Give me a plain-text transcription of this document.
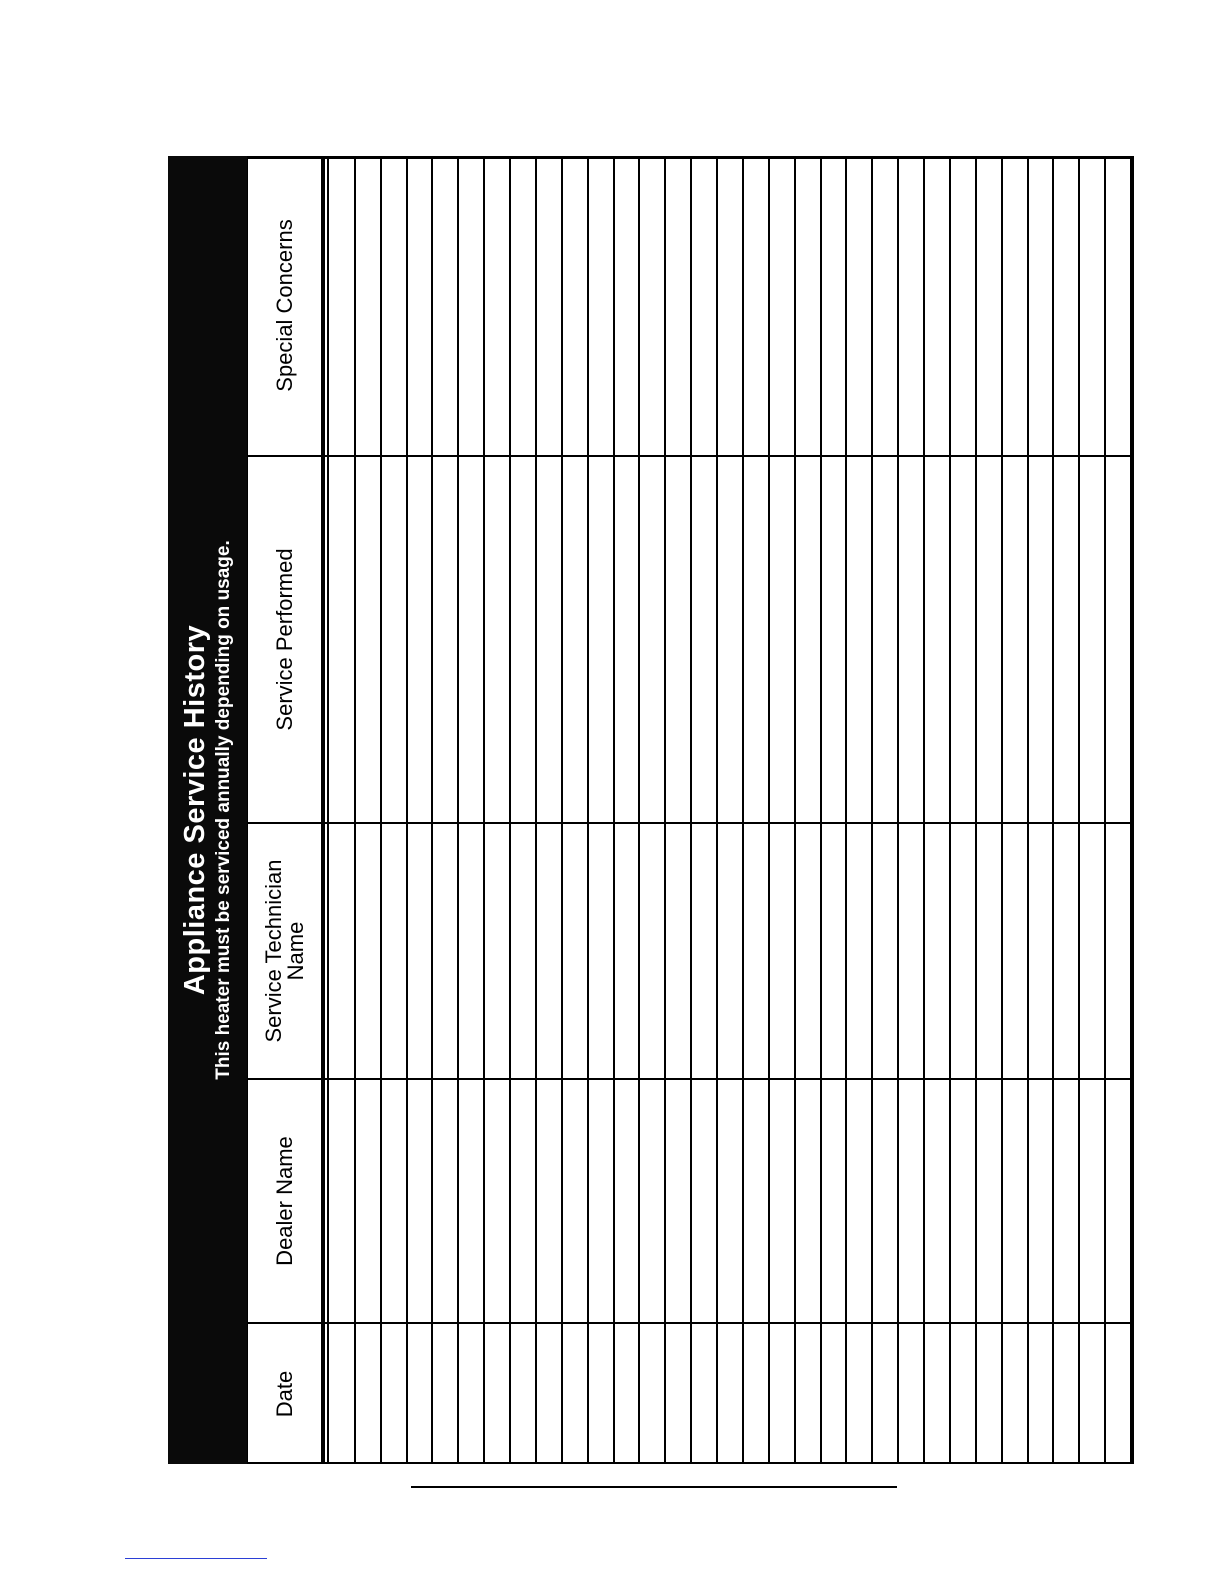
Appliance Service History This heater must be serviced annually depending on usage.
Date
Dealer Name
Service Technician
Name
Service Performed
Special Concerns
